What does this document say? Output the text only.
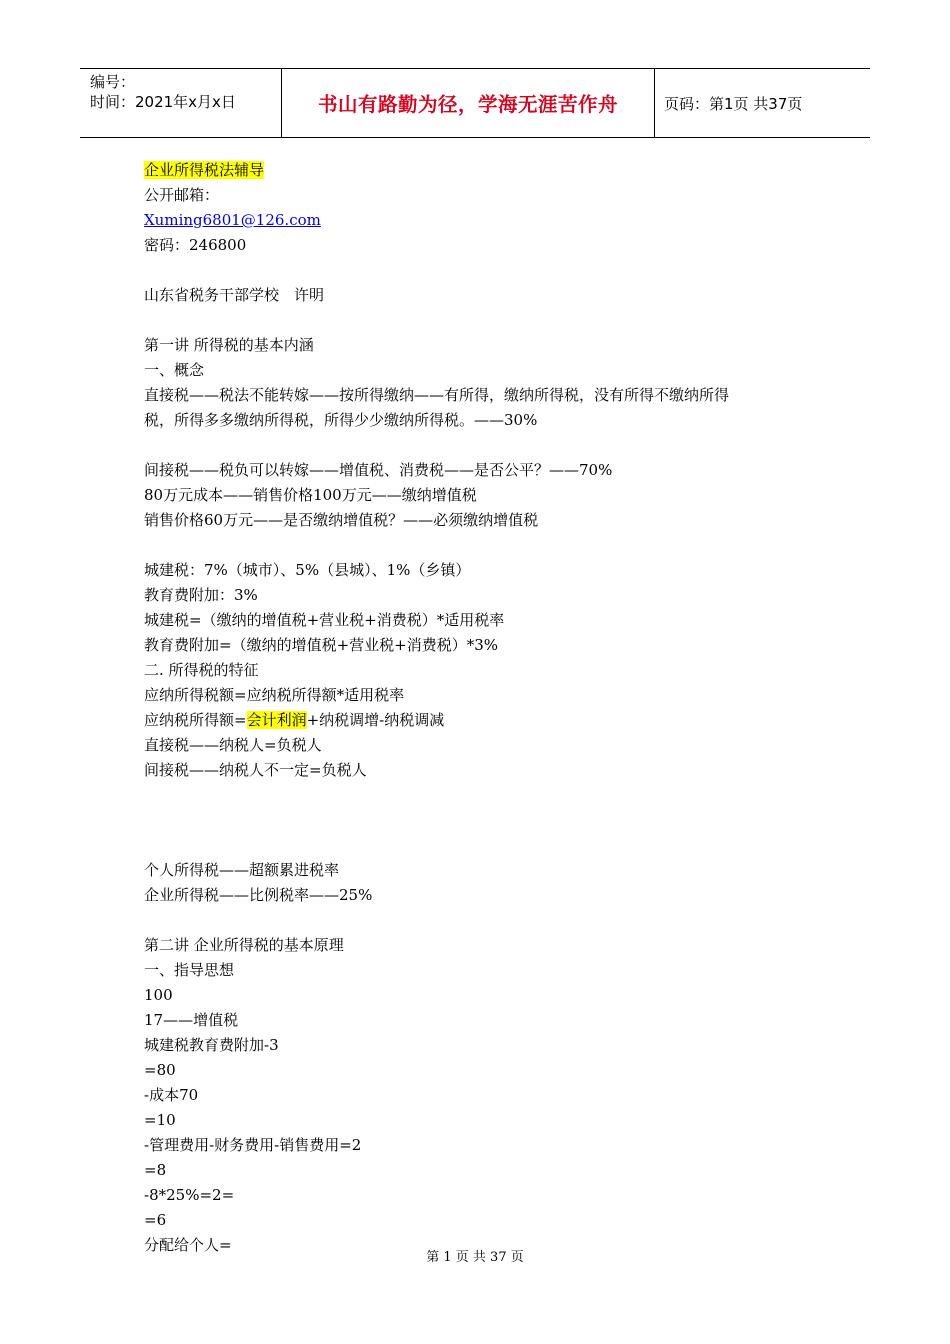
编号：
时间：2021年x月x日	书山有路勤为径，学海无涯苦作舟	页码：第1页 共37页
企业所得税法辅导
公开邮箱：
Xuming6801@126.com
密码：246800
山东省税务干部学校　许明
第一讲 所得税的基本内涵
一、概念
直接税——税法不能转嫁——按所得缴纳——有所得，缴纳所得税，没有所得不缴纳所得
税，所得多多缴纳所得税，所得少少缴纳所得税。——30%
间接税——税负可以转嫁——增值税、消费税——是否公平？——70%
80万元成本——销售价格100万元——缴纳增值税
销售价格60万元——是否缴纳增值税？——必须缴纳增值税
城建税：7%（城市）、5%（县城）、1%（乡镇）
教育费附加：3%
城建税=（缴纳的增值税+营业税+消费税）*适用税率
教育费附加=（缴纳的增值税+营业税+消费税）*3%
二. 所得税的特征
应纳所得税额=应纳税所得额*适用税率
应纳税所得额=会计利润+纳税调增-纳税调减
直接税——纳税人=负税人
间接税——纳税人不一定=负税人
个人所得税——超额累进税率
企业所得税——比例税率——25%
第二讲 企业所得税的基本原理
一、指导思想
100
17——增值税
城建税教育费附加-3
=80
-成本70
=10
-管理费用-财务费用-销售费用=2
=8
-8*25%=2=
=6
分配给个人=
第 1 页 共 37 页
